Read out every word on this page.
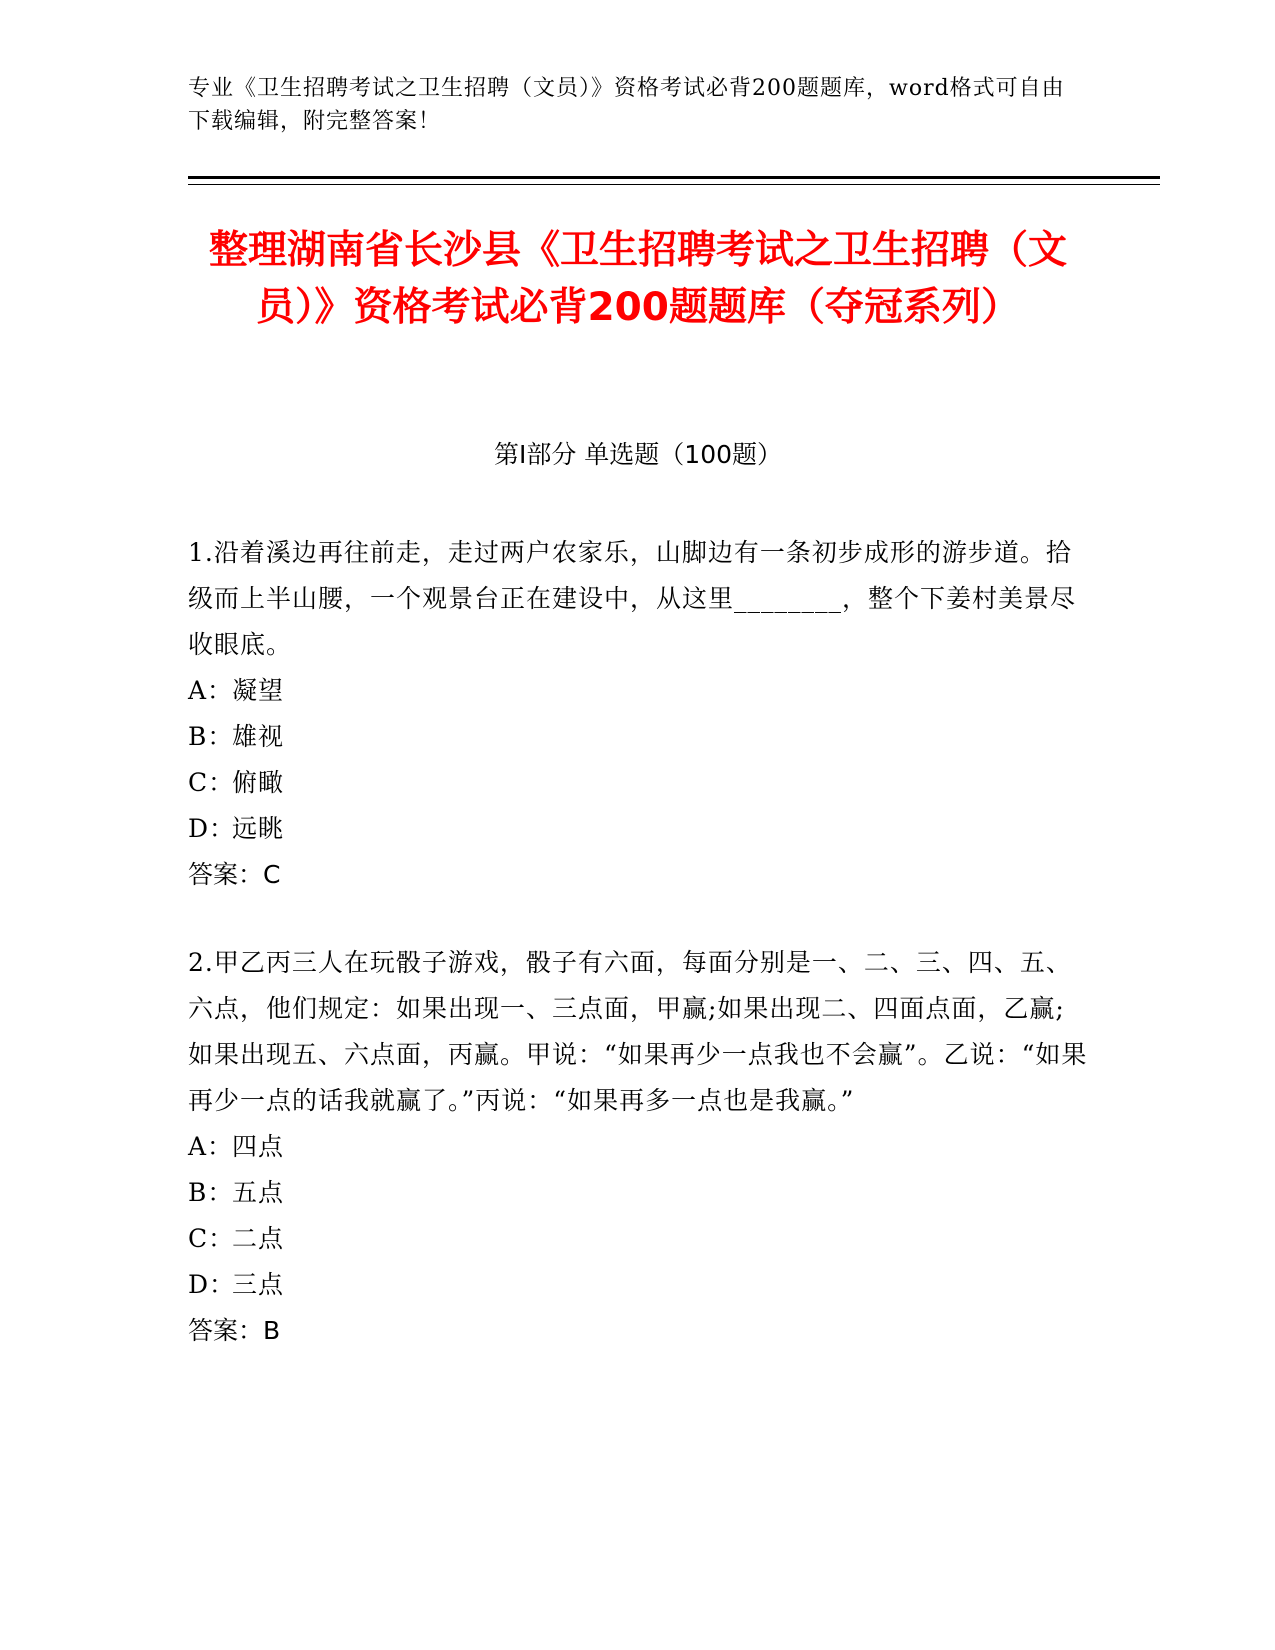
专业《卫生招聘考试之卫生招聘（文员）》资格考试必背200题题库，word格式可自由下载编辑，附完整答案！
整理湖南省长沙县《卫生招聘考试之卫生招聘（文员）》资格考试必背200题题库（夺冠系列）
第I部分 单选题（100题）
1.沿着溪边再往前走，走过两户农家乐，山脚边有一条初步成形的游步道。拾级而上半山腰，一个观景台正在建设中，从这里________，整个下姜村美景尽收眼底。
A：凝望
B：雄视
C：俯瞰
D：远眺
答案：C
2.甲乙丙三人在玩骰子游戏，骰子有六面，每面分别是一、二、三、四、五、六点，他们规定：如果出现一、三点面，甲赢;如果出现二、四面点面，乙赢;如果出现五、六点面，丙赢。甲说：“如果再少一点我也不会赢”。乙说：“如果再少一点的话我就赢了。”丙说：“如果再多一点也是我赢。”
A：四点
B：五点
C：二点
D：三点
答案：B
